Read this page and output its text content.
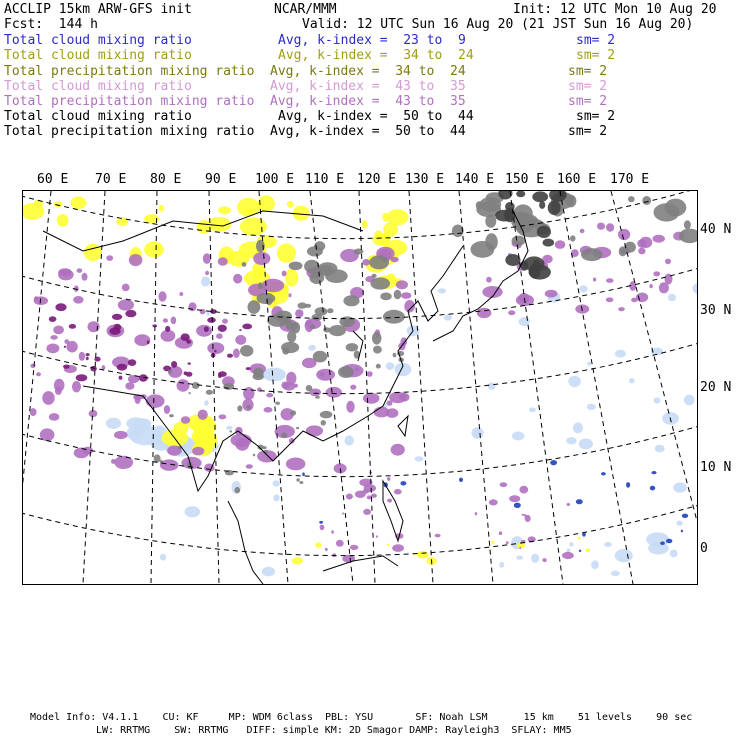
ACCLIP 15km ARW-GFS init	NCAR/MMM	Init: 12 UTC Mon 10 Aug 20
Fcst:  144 h	Valid: 12 UTC Sun 16 Aug 20 (21 JST Sun 16 Aug 20)
Total cloud mixing ratio	Avg, k-index =  23 to  9	sm= 2
Total cloud mixing ratio	Avg, k-index =  34 to  24	sm= 2
Total precipitation mixing ratio Avg, k-index =  34 to  24	sm= 2
Total cloud mixing ratio	Avg, k-index =  43 to  35	sm= 2
Total precipitation mixing ratio Avg, k-index =  43 to  35	sm= 2
Total cloud mixing ratio	Avg, k-index =  50 to  44	sm= 2
Total precipitation mixing ratio Avg, k-index =  50 to  44	sm= 2
60 E 70 E 80 E 90 E 100 E 110 E 120 E 130 E 140 E 150 E 160 E 170 E
40 N
30 N
20 N
10 N
0
Model Info: V4.1.1    CU: KF     MP: WDM 6class  PBL: YSU       SF: Noah LSM      15 km    51 levels    90 sec
LW: RRTMG    SW: RRTMG   DIFF: simple KM: 2D Smagor DAMP: Rayleigh3  SFLAY: MM5
